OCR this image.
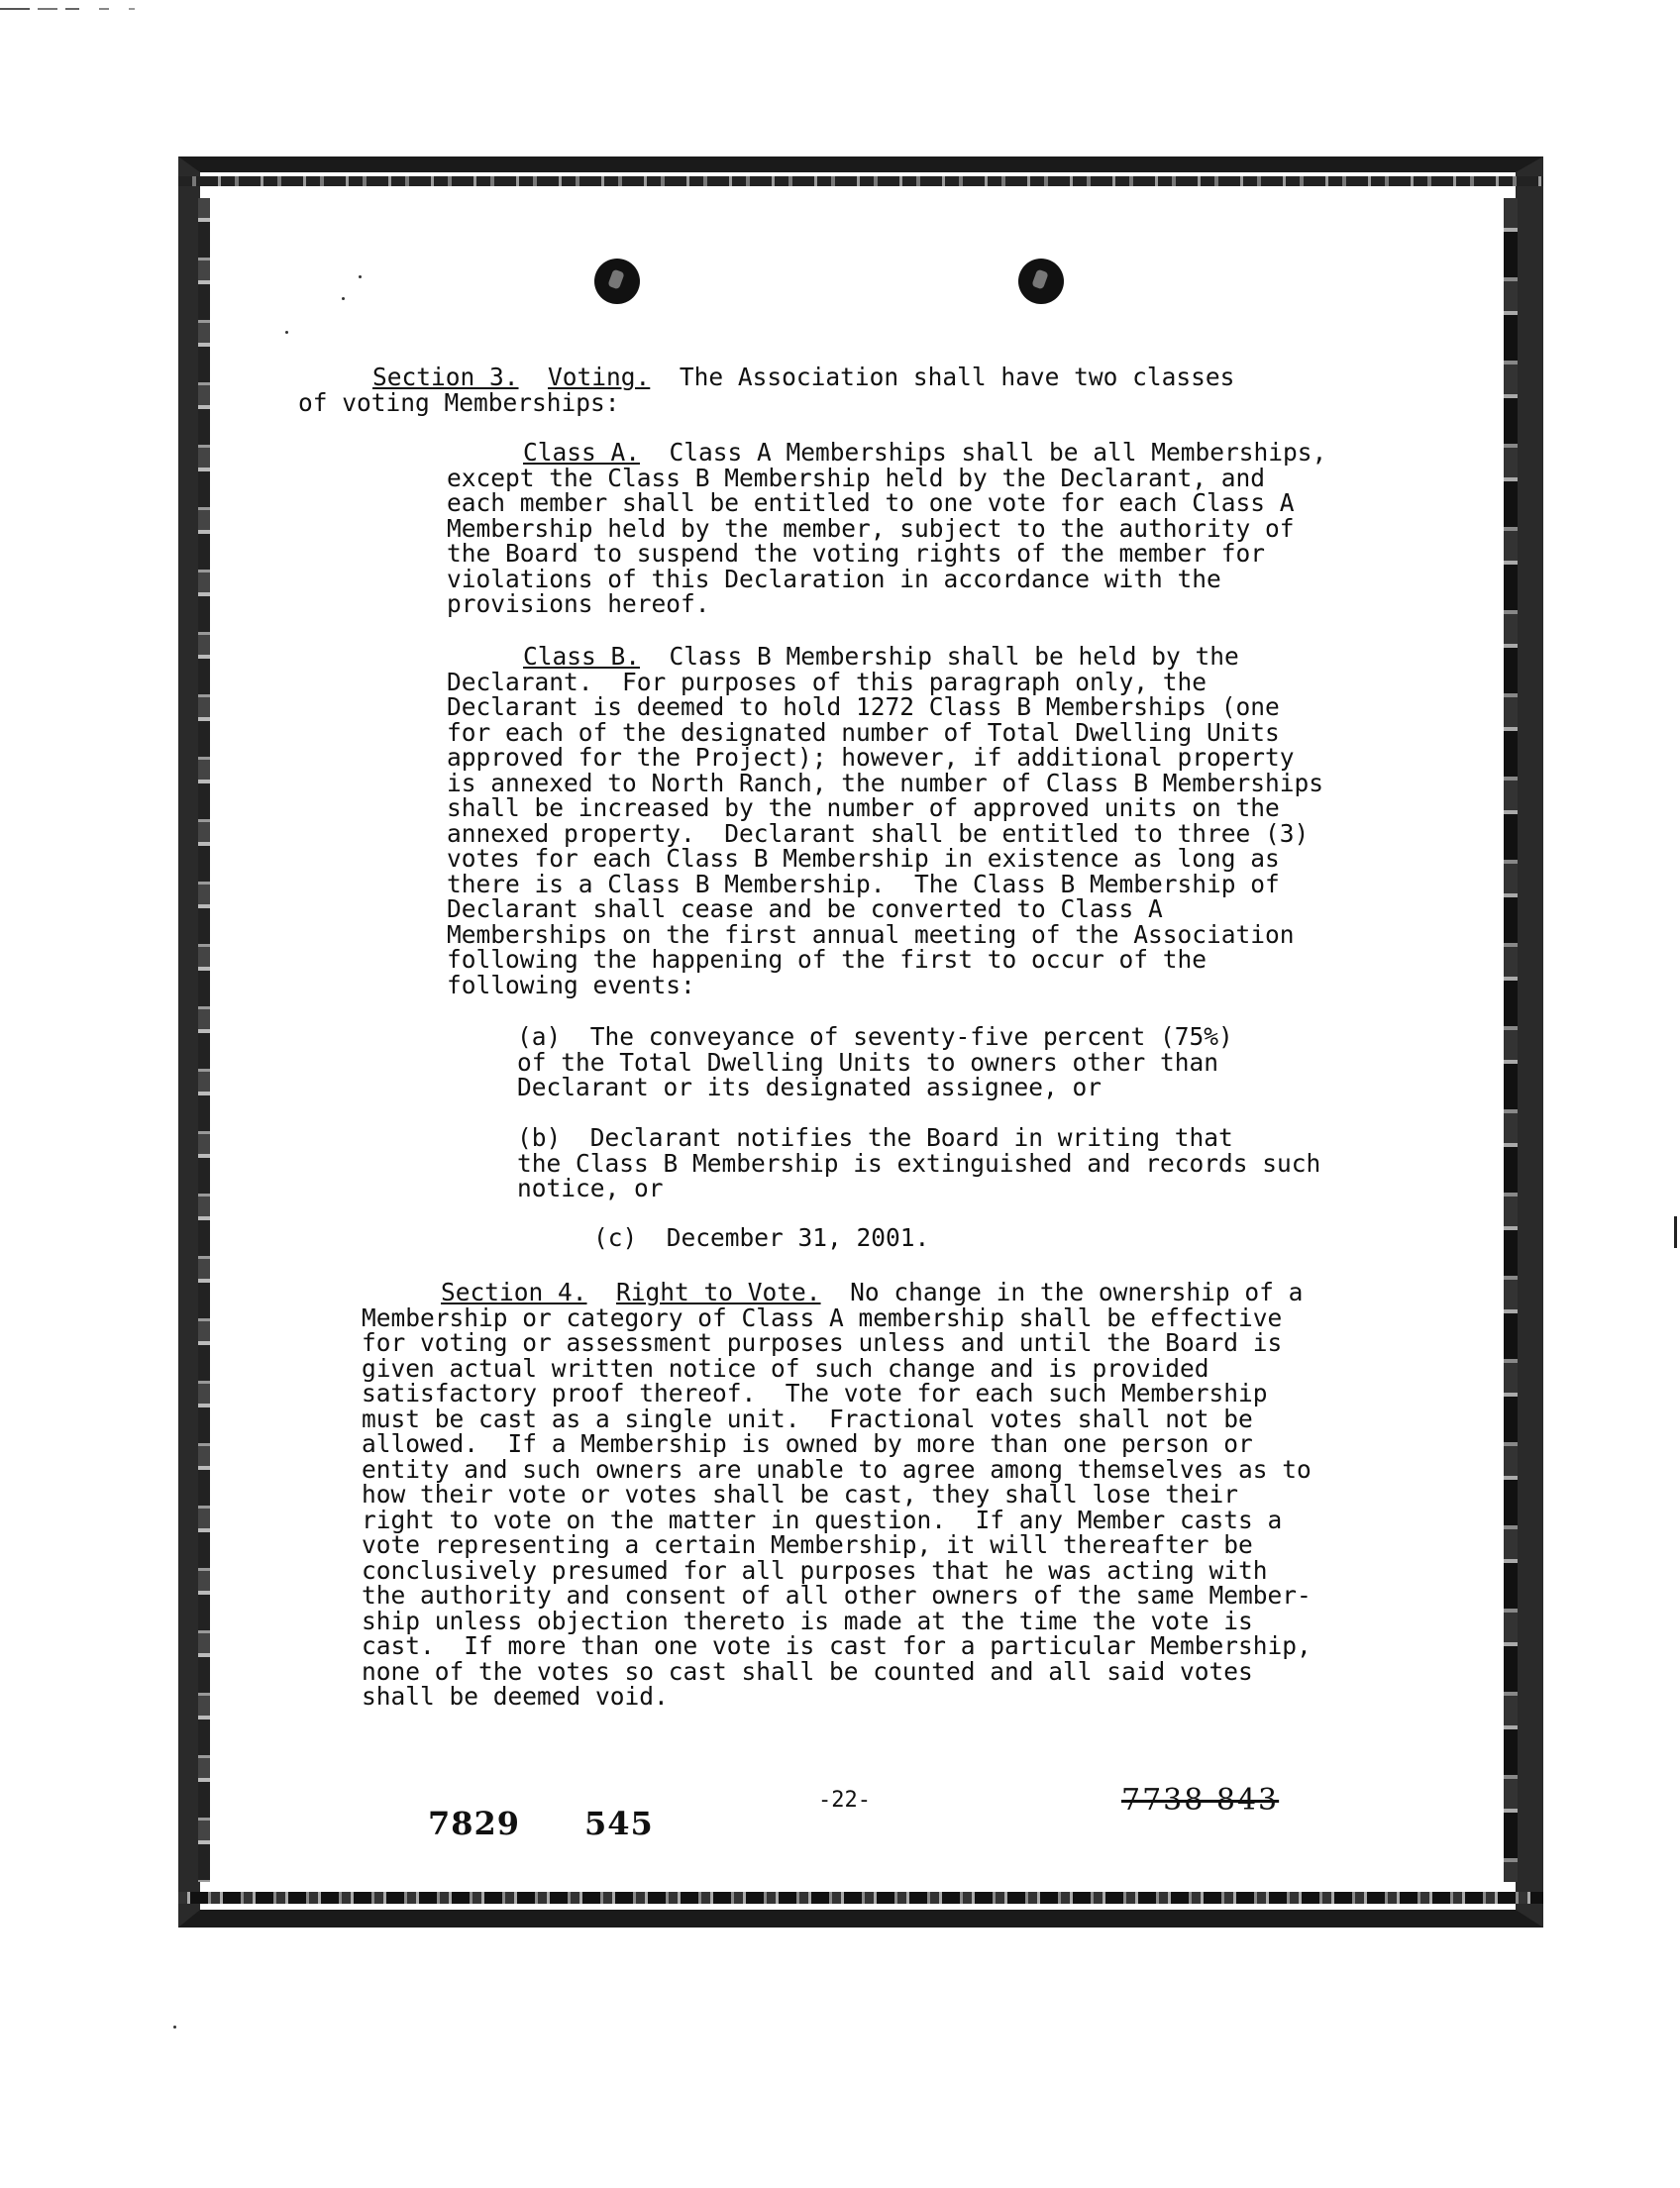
Section 3. Voting. The Association shall have two classes
of voting Memberships:
Class A. Class A Memberships shall be all Memberships,
except the Class B Membership held by the Declarant, and
each member shall be entitled to one vote for each Class A
Membership held by the member, subject to the authority of
the Board to suspend the voting rights of the member for
violations of this Declaration in accordance with the
provisions hereof.
Class B. Class B Membership shall be held by the
Declarant.  For purposes of this paragraph only, the
Declarant is deemed to hold 1272 Class B Memberships (one
for each of the designated number of Total Dwelling Units
approved for the Project); however, if additional property
is annexed to North Ranch, the number of Class B Memberships
shall be increased by the number of approved units on the
annexed property.  Declarant shall be entitled to three (3)
votes for each Class B Membership in existence as long as
there is a Class B Membership.  The Class B Membership of
Declarant shall cease and be converted to Class A
Memberships on the first annual meeting of the Association
following the happening of the first to occur of the
following events:
(a)  The conveyance of seventy-five percent (75%)
of the Total Dwelling Units to owners other than
Declarant or its designated assignee, or
(b)  Declarant notifies the Board in writing that
the Class B Membership is extinguished and records such
notice, or
(c)  December 31, 2001.
Section 4. Right to Vote. No change in the ownership of a
Membership or category of Class A membership shall be effective
for voting or assessment purposes unless and until the Board is
given actual written notice of such change and is provided
satisfactory proof thereof.  The vote for each such Membership
must be cast as a single unit.  Fractional votes shall not be
allowed.  If a Membership is owned by more than one person or
entity and such owners are unable to agree among themselves as to
how their vote or votes shall be cast, they shall lose their
right to vote on the matter in question.  If any Member casts a
vote representing a certain Membership, it will thereafter be
conclusively presumed for all purposes that he was acting with
the authority and consent of all other owners of the same Member-
ship unless objection thereto is made at the time the vote is
cast.  If more than one vote is cast for a particular Membership,
none of the votes so cast shall be counted and all said votes
shall be deemed void.
7829 545
-22-	7738 843
